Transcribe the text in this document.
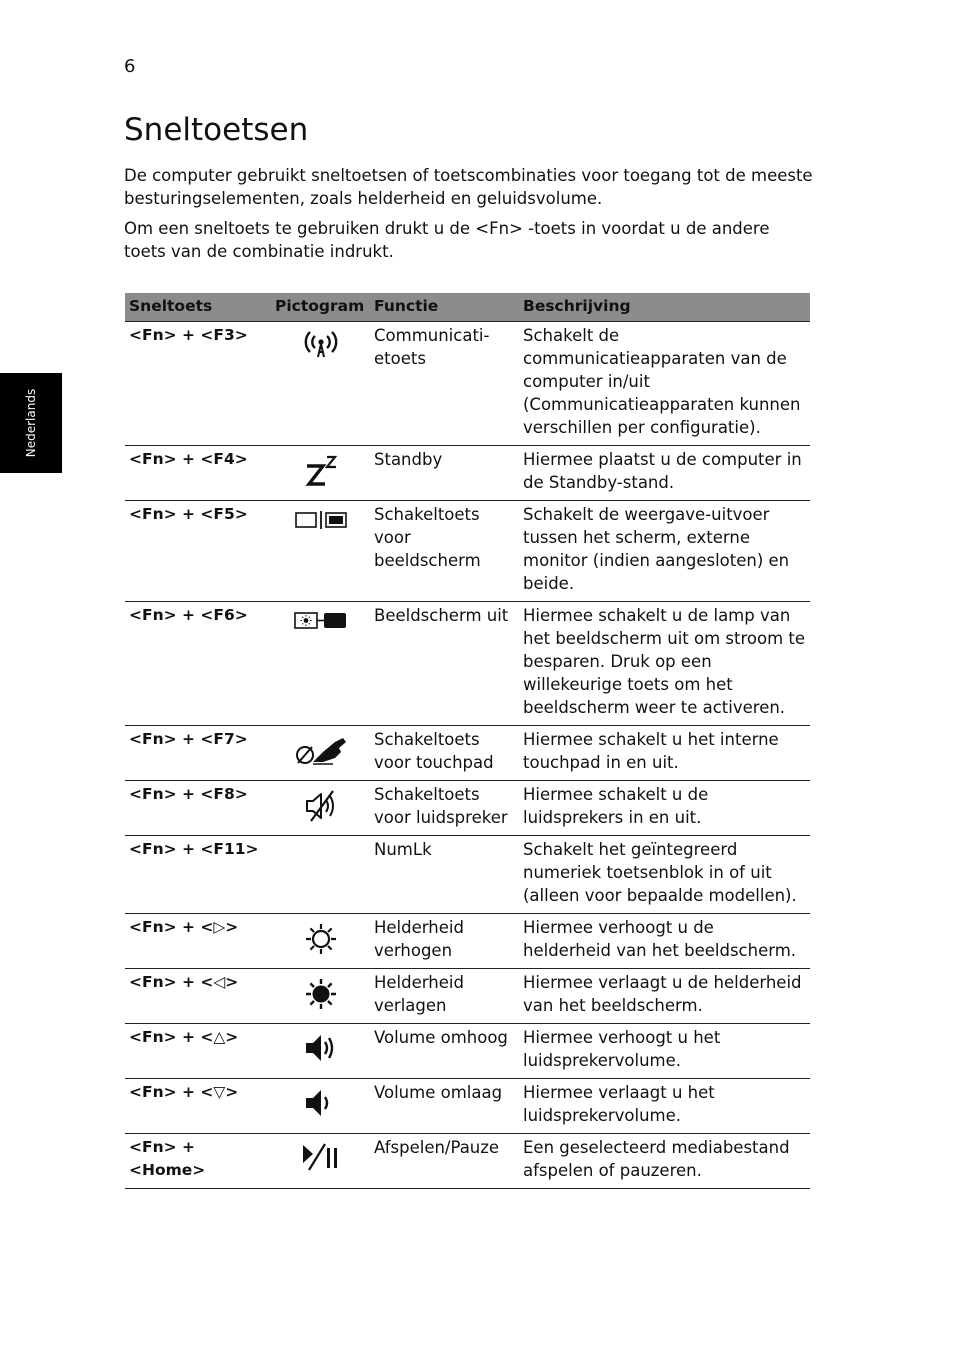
6
Nederlands
Sneltoetsen

De computer gebruikt sneltoetsen of toetscombinaties voor toegang tot de meeste besturingselementen, zoals helderheid en geluidsvolume.

Om een sneltoets te gebruiken drukt u de <Fn> -toets in voordat u de andere toets van de combinatie indrukt.

Sneltoets	Pictogram	Functie	Beschrijving
<Fn> + <F3>		Communicati-etoets	Schakelt de communicatieapparaten van de computer in/uit (Communicatieapparaten kunnen verschillen per configuratie).
<Fn> + <F4>		Standby	Hiermee plaatst u de computer in de Standby-stand.
<Fn> + <F5>		Schakeltoets voor beeldscherm	Schakelt de weergave-uitvoer tussen het scherm, externe monitor (indien aangesloten) en beide.
<Fn> + <F6>		Beeldscherm uit	Hiermee schakelt u de lamp van het beeldscherm uit om stroom te besparen. Druk op een willekeurige toets om het beeldscherm weer te activeren.
<Fn> + <F7>		Schakeltoets voor touchpad	Hiermee schakelt u het interne touchpad in en uit.
<Fn> + <F8>		Schakeltoets voor luidspreker	Hiermee schakelt u de luidsprekers in en uit.
<Fn> + <F11>		NumLk	Schakelt het geïntegreerd numeriek toetsenblok in of uit (alleen voor bepaalde modellen).
<Fn> + <▷>		Helderheid verhogen	Hiermee verhoogt u de helderheid van het beeldscherm.
<Fn> + <◁>		Helderheid verlagen	Hiermee verlaagt u de helderheid van het beeldscherm.
<Fn> + <△>		Volume omhoog	Hiermee verhoogt u het luidsprekervolume.
<Fn> + <▽>		Volume omlaag	Hiermee verlaagt u het luidsprekervolume.
<Fn> + <Home>		Afspelen/Pauze	Een geselecteerd mediabestand afspelen of pauzeren.
